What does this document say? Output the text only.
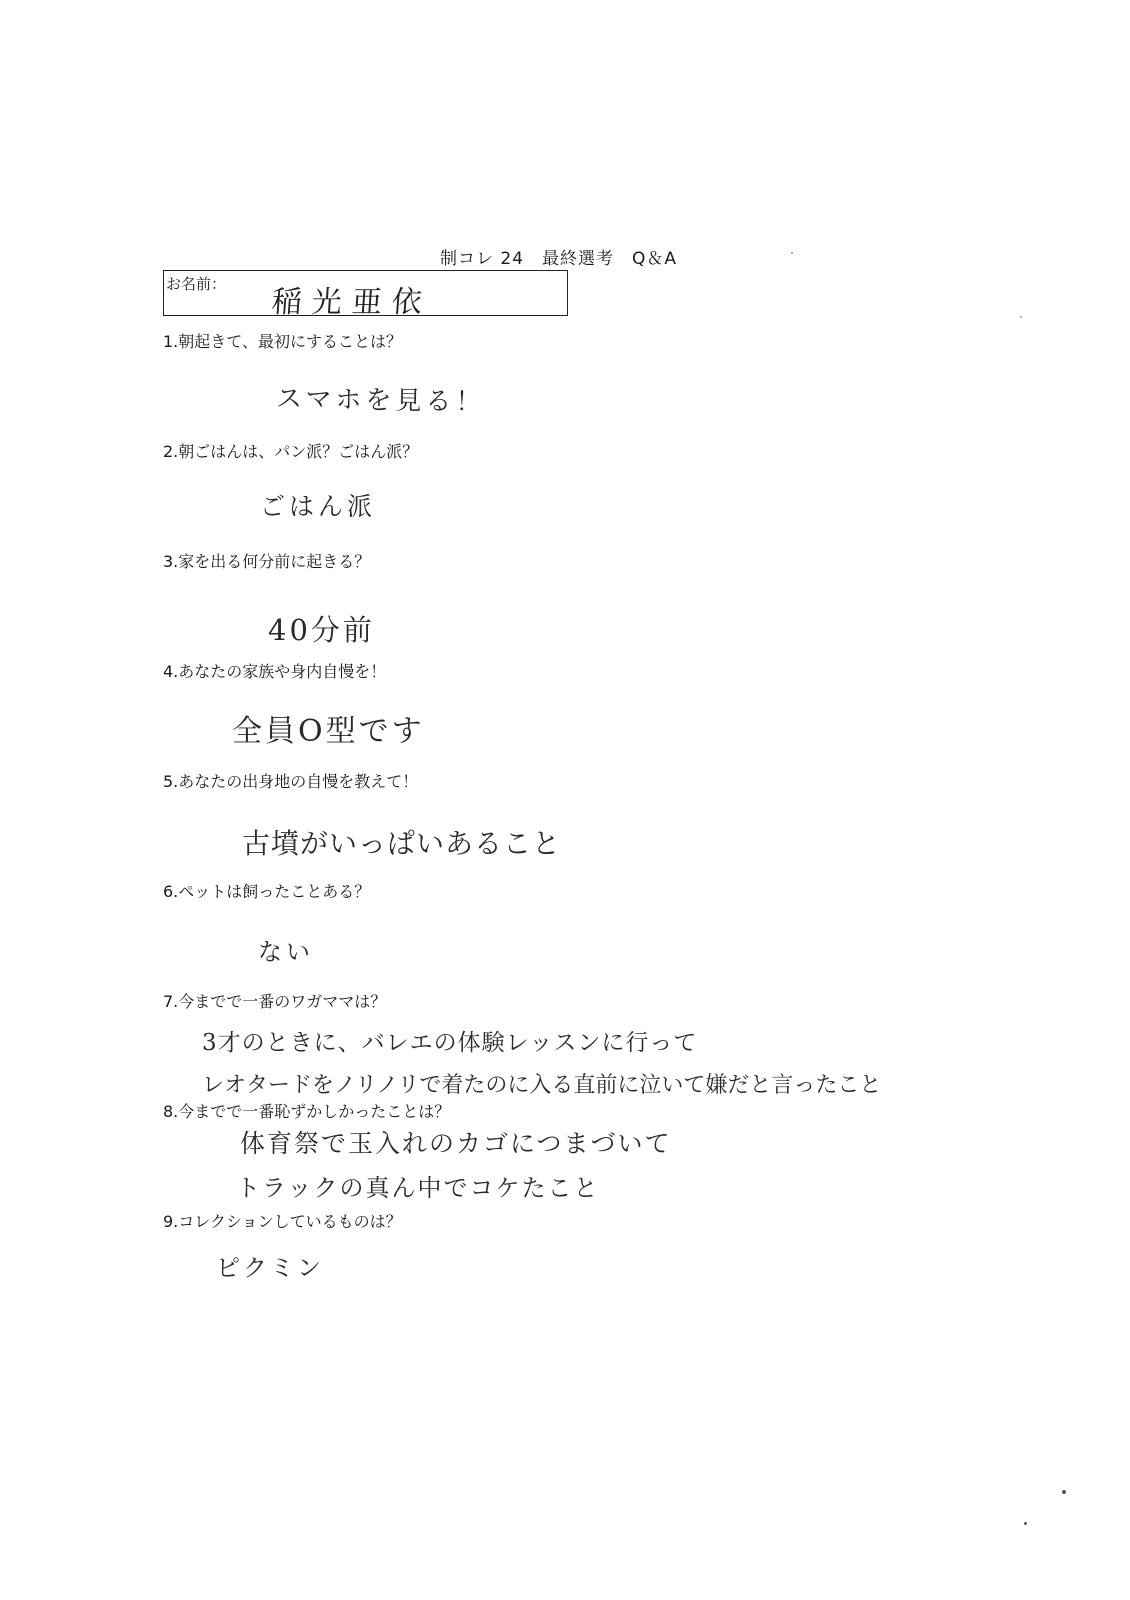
制コレ 24　最終選考　Q＆A
お名前：
稲光亜依
1.朝起きて、最初にすることは？
スマホを見る！
2.朝ごはんは、パン派？ごはん派？
ごはん派
3.家を出る何分前に起きる？
40分前
4.あなたの家族や身内自慢を！
全員O型です
5.あなたの出身地の自慢を教えて！
古墳がいっぱいあること
6.ペットは飼ったことある？
ない
7.今までで一番のワガママは？
3才のときに、バレエの体験レッスンに行って
レオタードをノリノリで着たのに入る直前に泣いて嫌だと言ったこと
8.今までで一番恥ずかしかったことは？
体育祭で玉入れのカゴにつまづいて
トラックの真ん中でコケたこと
9.コレクションしているものは？
ピクミン
